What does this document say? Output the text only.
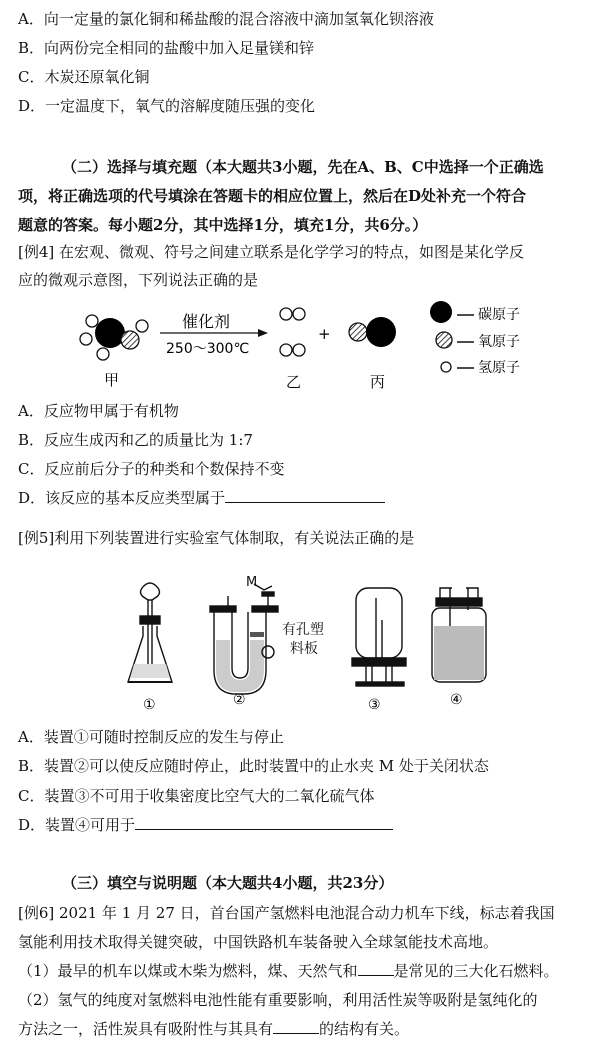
A．向一定量的氯化铜和稀盐酸的混合溶液中滴加氢氧化钡溶液
B．向两份完全相同的盐酸中加入足量镁和锌
C．木炭还原氧化铜
D．一定温度下，氧气的溶解度随压强的变化
（二）选择与填充题（本大题共3小题，先在A、B、C中选择一个正确选
项，将正确选项的代号填涂在答题卡的相应位置上，然后在D处补充一个符合
题意的答案。每小题2分，其中选择1分，填充1分，共6分。）
[例4] 在宏观、微观、符号之间建立联系是化学学习的特点，如图是某化学反
应的微观示意图，下列说法正确的是
催化剂
250～300℃
+
碳原子
氧原子
氢原子
甲	乙	丙
A．反应物甲属于有机物
B．反应生成丙和乙的质量比为 1:7
C．反应前后分子的种类和个数保持不变
D．该反应的基本反应类型属于
[例5]利用下列装置进行实验室气体制取，有关说法正确的是
M
有孔塑
料板
①	②	③	④
A．装置①可随时控制反应的发生与停止
B．装置②可以使反应随时停止，此时装置中的止水夹 M 处于关闭状态
C．装置③不可用于收集密度比空气大的二氧化硫气体
D．装置④可用于
（三）填空与说明题（本大题共4小题，共23分）
[例6] 2021 年 1 月 27 日，首台国产氢燃料电池混合动力机车下线，标志着我国
氢能利用技术取得关键突破，中国铁路机车装备驶入全球氢能技术高地。
（1）最早的机车以煤或木柴为燃料，煤、天然气和 是常见的三大化石燃料。
（2）氢气的纯度对氢燃料电池性能有重要影响，利用活性炭等吸附是氢纯化的
方法之一，活性炭具有吸附性与其具有	的结构有关。
